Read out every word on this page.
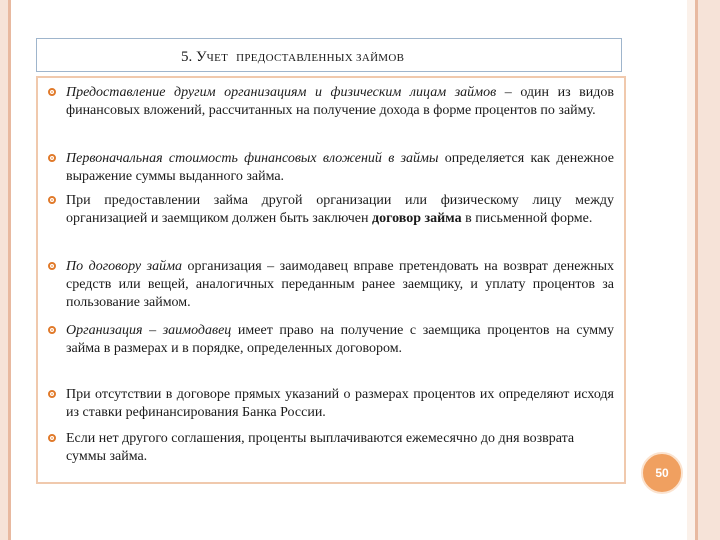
5. УЧЕТ ПРЕДОСТАВЛЕННЫХ ЗАЙМОВ
Предоставление другим организациям и физическим лицам займов – один из видов финансовых вложений, рассчитанных на получение дохода в форме процентов по займу.
Первоначальная стоимость финансовых вложений в займы определяется как денежное выражение суммы выданного займа.
При предоставлении займа другой организации или физическому лицу между организацией и заемщиком должен быть заключен договор займа в письменной форме.
По договору займа организация – заимодавец вправе претендовать на возврат денежных средств или вещей, аналогичных переданным ранее заемщику, и уплату процентов за пользование займом.
Организация – заимодавец имеет право на получение с заемщика процентов на сумму займа в размерах и в порядке, определенных договором.
При отсутствии в договоре прямых указаний о размерах процентов их определяют исходя из ставки рефинансирования Банка России.
Если нет другого соглашения, проценты выплачиваются ежемесячно до дня возврата суммы займа.
50
